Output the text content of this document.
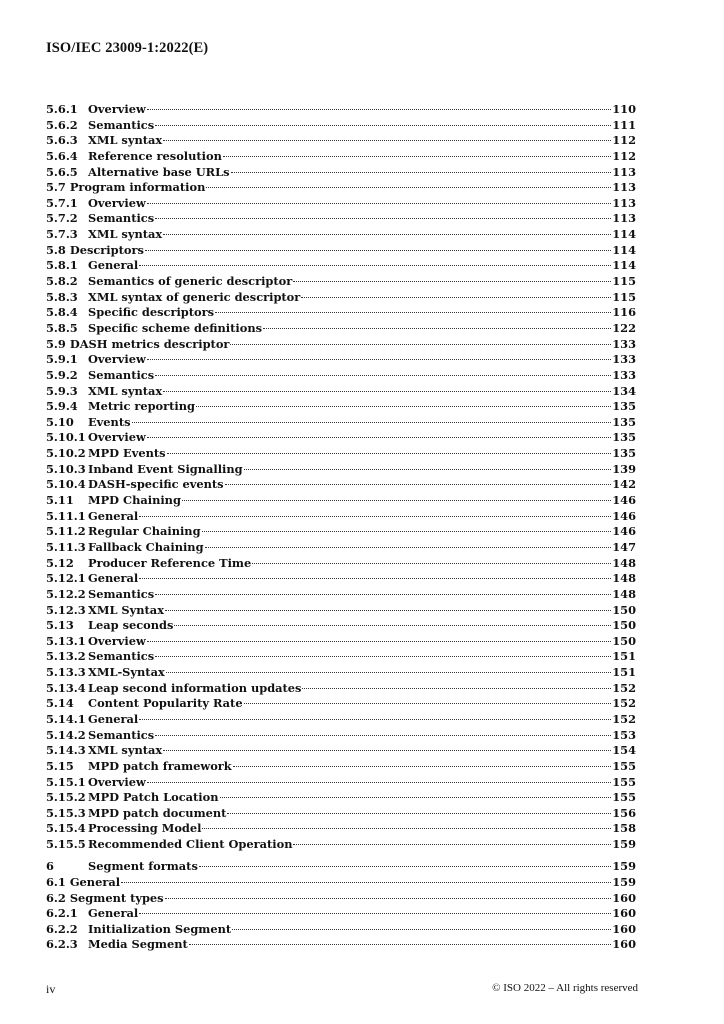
ISO/IEC 23009-1:2022(E)
5.6.1 Overview	110
5.6.2 Semantics	111
5.6.3 XML syntax	112
5.6.4 Reference resolution	112
5.6.5 Alternative base URLs	113
5.7 Program information	113
5.7.1 Overview	113
5.7.2 Semantics	113
5.7.3 XML syntax	114
5.8 Descriptors	114
5.8.1 General	114
5.8.2 Semantics of generic descriptor	115
5.8.3 XML syntax of generic descriptor	115
5.8.4 Specific descriptors	116
5.8.5 Specific scheme definitions	122
5.9 DASH metrics descriptor	133
5.9.1 Overview	133
5.9.2 Semantics	133
5.9.3 XML syntax	134
5.9.4 Metric reporting	135
5.10	Events	135
5.10.1 Overview	135
5.10.2 MPD Events	135
5.10.3 Inband Event Signalling	139
5.10.4 DASH-specific events	142
5.11	MPD Chaining	146
5.11.1 General	146
5.11.2 Regular Chaining	146
5.11.3 Fallback Chaining	147
5.12	Producer Reference Time	148
5.12.1 General	148
5.12.2 Semantics	148
5.12.3 XML Syntax	150
5.13	Leap seconds	150
5.13.1 Overview	150
5.13.2 Semantics	151
5.13.3 XML-Syntax	151
5.13.4 Leap second information updates	152
5.14	Content Popularity Rate	152
5.14.1 General	152
5.14.2 Semantics	153
5.14.3 XML syntax	154
5.15	MPD patch framework	155
5.15.1 Overview	155
5.15.2 MPD Patch Location	155
5.15.3 MPD patch document	156
5.15.4 Processing Model	158
5.15.5 Recommended Client Operation	159
6	Segment formats	159
6.1 General	159
6.2 Segment types	160
6.2.1 General	160
6.2.2 Initialization Segment	160
6.2.3 Media Segment	160
iv	© ISO 2022 – All rights reserved
